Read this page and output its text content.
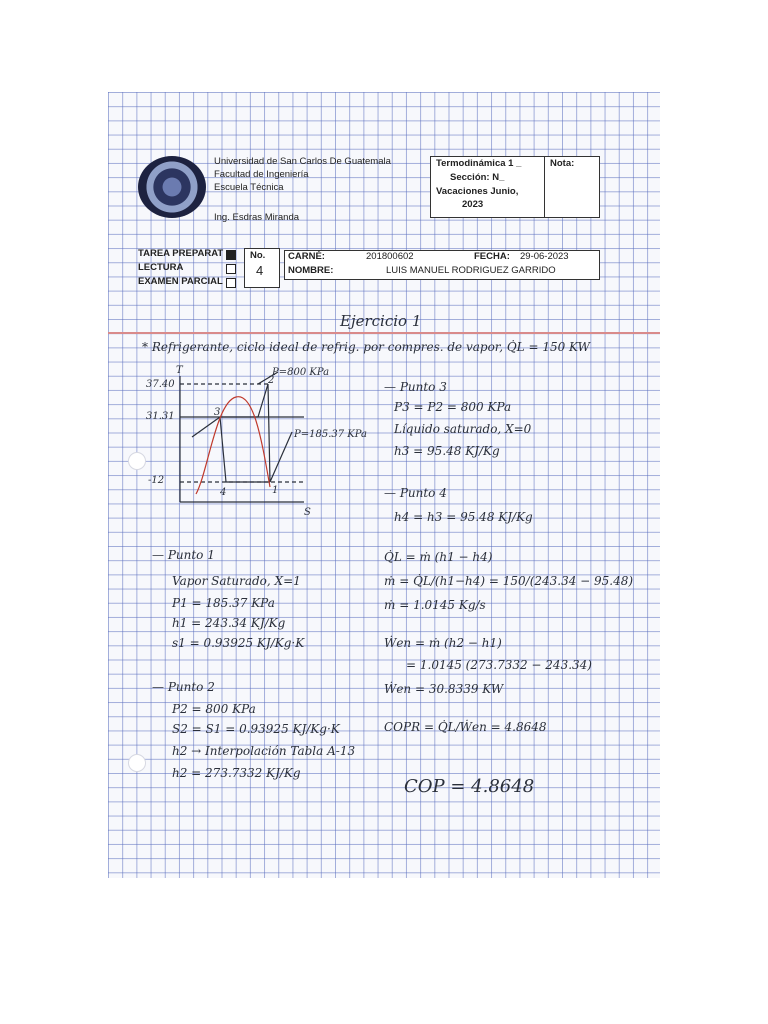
Universidad de San Carlos De Guatemala
Facultad de Ingeniería
Escuela Técnica
Ing. Esdras Miranda
Termodinámica 1 _
Sección: N_
Vacaciones Junio,
2023
Nota:
TAREA PREPARAT
LECTURA
EXAMEN PARCIAL
No.
4
CARNÉ:	201800602	FECHA: 29-06-2023
NOMBRE:	LUIS MANUEL RODRIGUEZ GARRIDO
Ejercicio 1
* Refrigerante, ciclo ideal de refrig. por compres. de vapor, Q̇L = 150 KW
T
37.40
31.31
-12
P=800 KPa
P=185.37 KPa
1
2
3
4
S
— Punto 3
P3 = P2 = 800 KPa
Líquido saturado, X=0
h3 = 95.48 KJ/Kg
— Punto 4
h4 = h3 = 95.48 KJ/Kg
— Punto 1
Vapor Saturado, X=1
P1 = 185.37 KPa
h1 = 243.34 KJ/Kg
s1 = 0.93925 KJ/Kg·K
— Punto 2
P2 = 800 KPa
S2 = S1 = 0.93925 KJ/Kg·K
h2 → Interpolación Tabla A-13
h2 = 273.7332 KJ/Kg
Q̇L = ṁ (h1 − h4)
ṁ = Q̇L/(h1−h4) = 150/(243.34 − 95.48)
ṁ = 1.0145 Kg/s
Ẇen = ṁ (h2 − h1)
= 1.0145 (273.7332 − 243.34)
Ẇen = 30.8339 KW
COPR = Q̇L/Ẇen = 4.8648
COP = 4.8648
